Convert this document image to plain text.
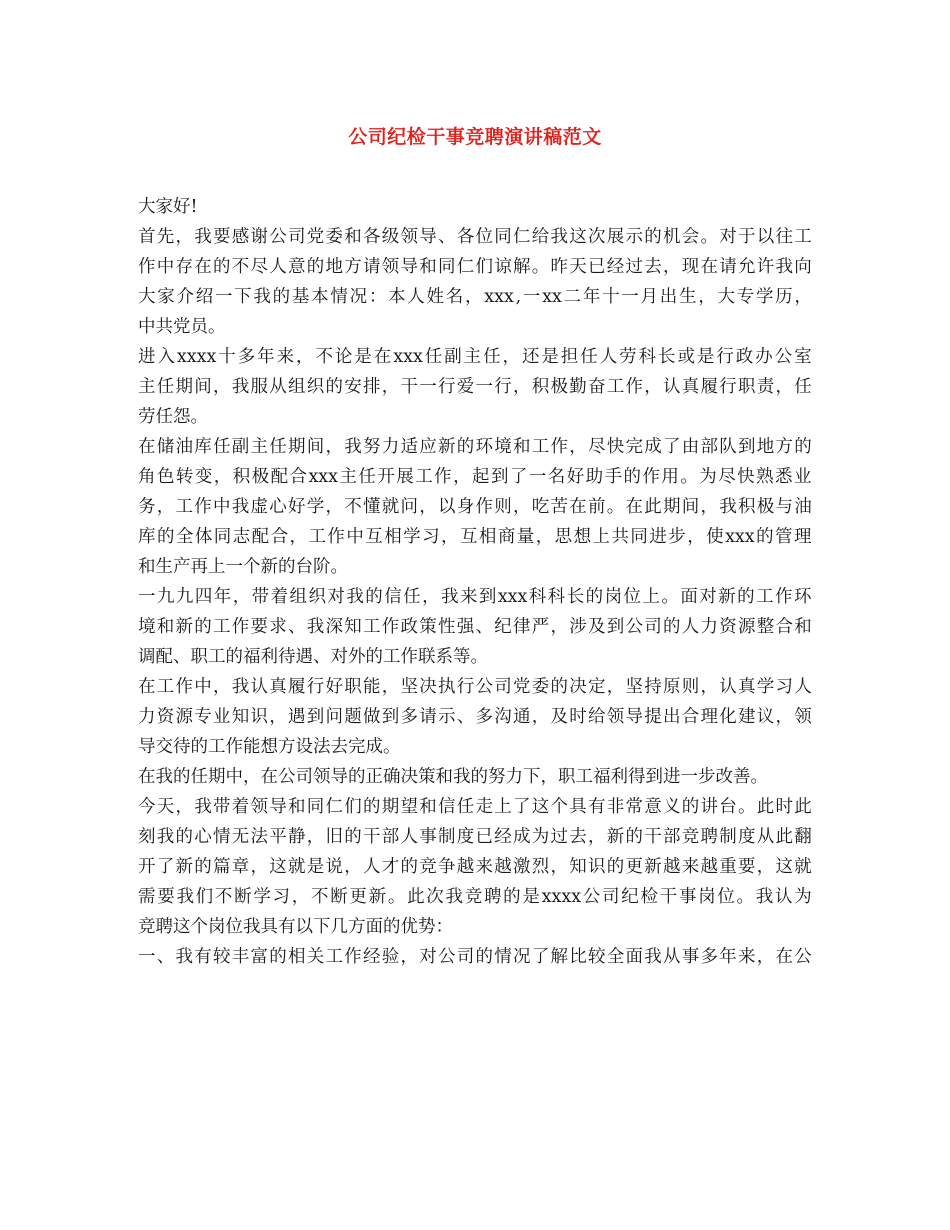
公司纪检干事竞聘演讲稿范文
大家好!
首 先 ， 我 要 感 谢 公 司 党 委 和 各 级 领 导 、 各 位 同 仁 给 我 这 次 展 示 的 机 会 。 对 于 以 往 工
作 中 存 在 的 不 尽 人 意 的 地 方 请 领 导 和 同 仁 们 谅 解 。 昨 天 已 经 过 去 ， 现 在 请 允 许 我 向
大 家 介 绍 一 下 我 的 基 本 情 况 ： 本 人 姓 名 ， xxx , 一 xx 二 年 十 一 月 出 生 ， 大 专 学 历 ，
中共党员。
进 入 xxxx 十 多 年 来 ， 不 论 是 在 xxx 任 副 主 任 ， 还 是 担 任 人 劳 科 长 或 是 行 政 办 公 室
主 任 期 间 ， 我 服 从 组 织 的 安 排 ， 干 一 行 爱 一 行 ， 积 极 勤 奋 工 作 ， 认 真 履 行 职 责 ， 任
劳任怨。
在 储 油 库 任 副 主 任 期 间 ， 我 努 力 适 应 新 的 环 境 和 工 作 ， 尽 快 完 成 了 由 部 队 到 地 方 的
角 色 转 变 ， 积 极 配 合 xxx 主 任 开 展 工 作 ， 起 到 了 一 名 好 助 手 的 作 用 。 为 尽 快 熟 悉 业
务 ， 工 作 中 我 虚 心 好 学 ， 不 懂 就 问 ， 以 身 作 则 ， 吃 苦 在 前 。 在 此 期 间 ， 我 积 极 与 油
库 的 全 体 同 志 配 合 ， 工 作 中 互 相 学 习 ， 互 相 商 量 ， 思 想 上 共 同 进 步 ， 使 xxx 的 管 理
和生产再上一个新的台阶。
一 九 九 四 年 ， 带 着 组 织 对 我 的 信 任 ， 我 来 到 xxx 科 科 长 的 岗 位 上 。 面 对 新 的 工 作 环
境 和 新 的 工 作 要 求 、 我 深 知 工 作 政 策 性 强 、 纪 律 严 ， 涉 及 到 公 司 的 人 力 资 源 整 合 和
调配、职工的福利待遇、对外的工作联系等。
在 工 作 中 ， 我 认 真 履 行 好 职 能 ， 坚 决 执 行 公 司 党 委 的 决 定 ， 坚 持 原 则 ， 认 真 学 习 人
力 资 源 专 业 知 识 ， 遇 到 问 题 做 到 多 请 示 、 多 沟 通 ， 及 时 给 领 导 提 出 合 理 化 建 议 ， 领
导交待的工作能想方设法去完成。
在我的任期中，在公司领导的正确决策和我的努力下，职工福利得到进一步改善。
今 天 ， 我 带 着 领 导 和 同 仁 们 的 期 望 和 信 任 走 上 了 这 个 具 有 非 常 意 义 的 讲 台 。 此 时 此
刻 我 的 心 情 无 法 平 静 ， 旧 的 干 部 人 事 制 度 已 经 成 为 过 去 ， 新 的 干 部 竞 聘 制 度 从 此 翻
开 了 新 的 篇 章 ， 这 就 是 说 ， 人 才 的 竞 争 越 来 越 激 烈 ， 知 识 的 更 新 越 来 越 重 要 ， 这 就
需 要 我 们 不 断 学 习 ， 不 断 更 新 。 此 次 我 竞 聘 的 是 xxxx 公 司 纪 检 干 事 岗 位 。 我 认 为
竞聘这个岗位我具有以下几方面的优势：
一 、 我 有 较 丰 富 的 相 关 工 作 经 验 ， 对 公 司 的 情 况 了 解 比 较 全 面 我 从 事 多 年 来 ， 在 公
